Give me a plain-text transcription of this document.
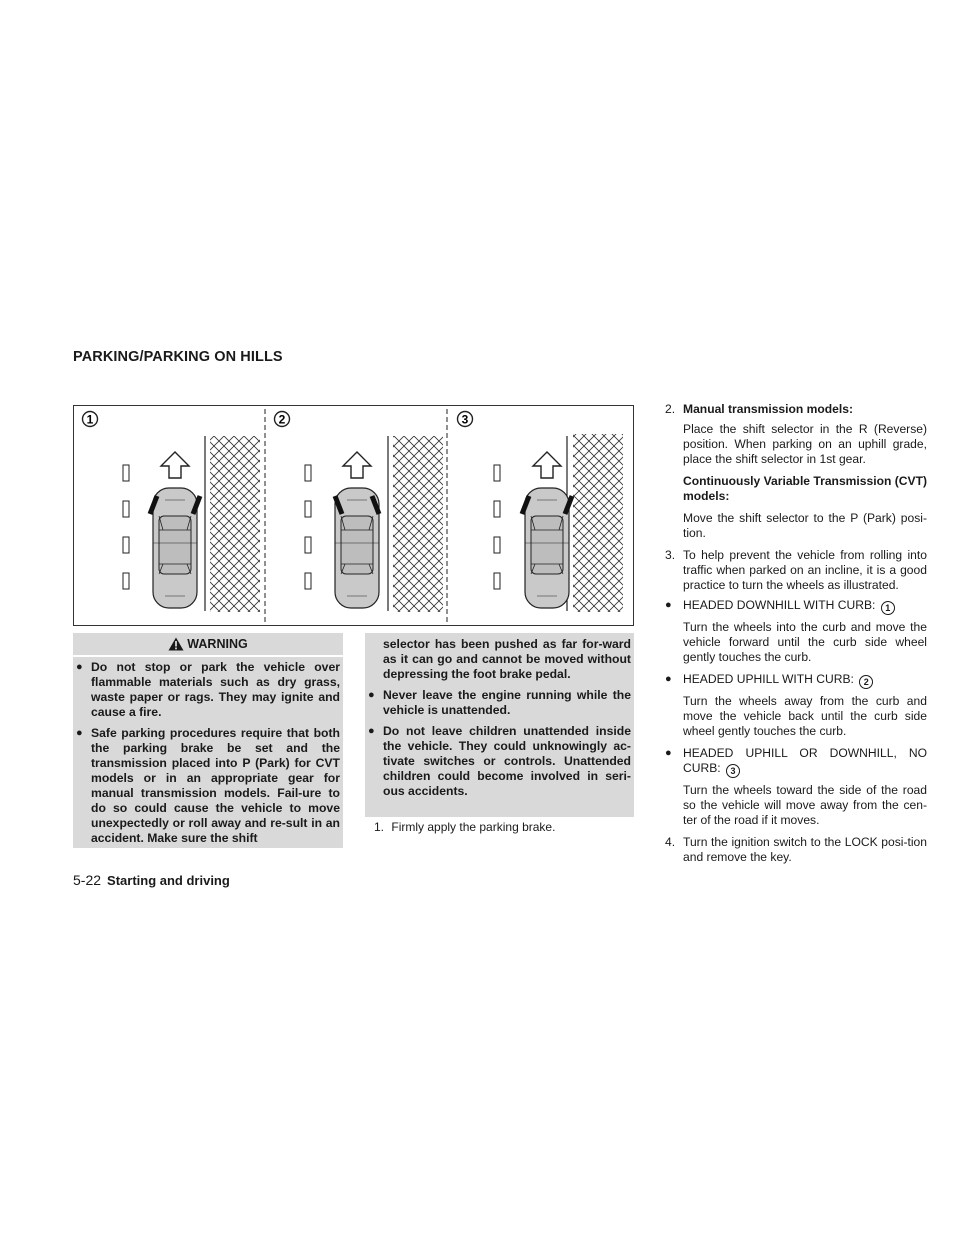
PARKING/PARKING ON HILLS
1	2	3
WARNING
● Do not stop or park the vehicle over flammable materials such as dry grass, waste paper or rags. They may ignite and cause a fire.
● Safe parking procedures require that both the parking brake be set and the transmission placed into P (Park) for CVT models or in an appropriate gear for manual transmission models. Fail-ure to do so could cause the vehicle to move unexpectedly or roll away and re-sult in an accident. Make sure the shift
selector has been pushed as far for-ward as it can go and cannot be moved without depressing the foot brake pedal.
● Never leave the engine running while the vehicle is unattended.
● Do not leave children unattended inside the vehicle. They could unknowingly ac-tivate switches or controls. Unattended children could become involved in seri-ous accidents.
1. Firmly apply the parking brake.

2. Manual transmission models:

Place the shift selector in the R (Reverse) position. When parking on an uphill grade, place the shift selector in 1st gear.

Continuously Variable Transmission (CVT) models:

Move the shift selector to the P (Park) posi-tion.

3. To help prevent the vehicle from rolling into traffic when parked on an incline, it is a good practice to turn the wheels as illustrated.

● HEADED DOWNHILL WITH CURB: 1

Turn the wheels into the curb and move the vehicle forward until the curb side wheel gently touches the curb.

● HEADED UPHILL WITH CURB: 2

Turn the wheels away from the curb and move the vehicle back until the curb side wheel gently touches the curb.

● HEADED UPHILL OR DOWNHILL, NO CURB: 3

Turn the wheels toward the side of the road so the vehicle will move away from the cen-ter of the road if it moves.

4. Turn the ignition switch to the LOCK posi-tion and remove the key.

5-22 Starting and driving
